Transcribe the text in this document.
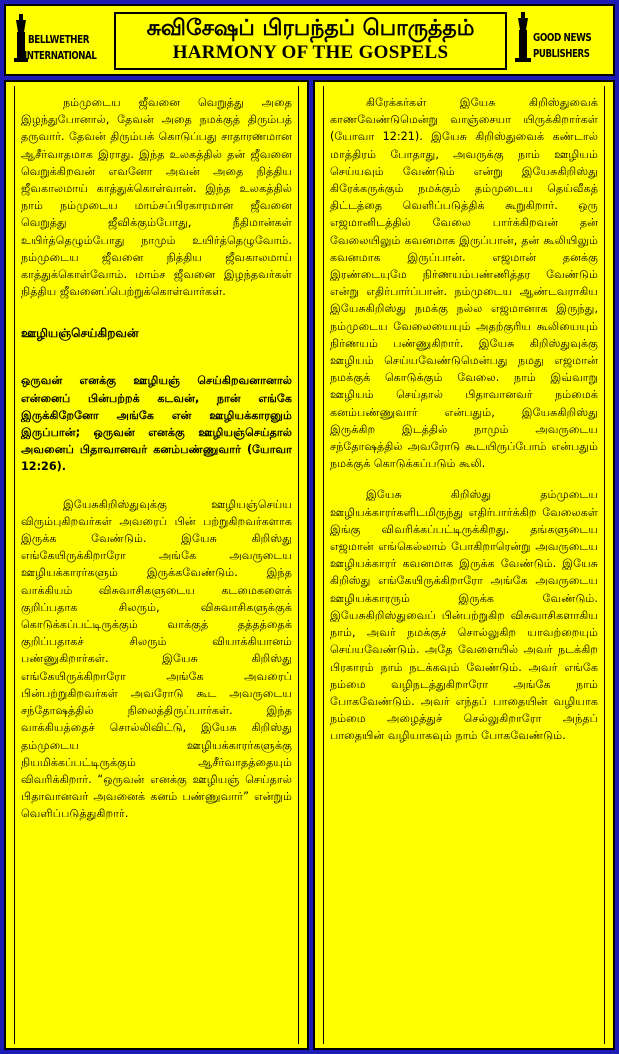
BELLWETHER
INTERNATIONAL
சுவிசேஷப் பிரபந்தப் பொருத்தம்
HARMONY OF THE GOSPELS
GOOD NEWS
PUBLISHERS

நம்முடைய ஜீவனை வெறுத்து அதை இழந்துபோனால், தேவன் அதை நமக்குத் திரும்பத் தருவார். தேவன் திரும்பக் கொடுப்பது சாதாரணமான ஆசீர்வாதமாக இராது. இந்த உலகத்தில் தன் ஜீவனை வெறுக்கிறவன் எவனோ அவன் அதை நித்திய ஜீவகாலமாய் காத்துக்கொள்வான். இந்த உலகத்தில் நாம் நம்முடைய மாம்சப்பிரகாரமான ஜீவனை வெறுத்து ஜீவிக்கும்போது, நீதிமான்கள் உயிர்த்தெழும்போது நாமும் உயிர்த்தெழுவோம். நம்முடைய ஜீவனை நித்திய ஜீவகாலமாய் காத்துக்கொள்வோம். மாம்ச ஜீவனை இழந்தவர்கள் நித்திய ஜீவனைப்பெற்றுக்கொள்வார்கள்.

ஊழியஞ்செய்கிறவன்

ஒருவன் எனக்கு ஊழியஞ் செய்கிறவனானால் என்னைப் பின்பற்றக் கடவன், நான் எங்கே இருக்கிறேனோ அங்கே என் ஊழியக்காரனும் இருப்பான்; ஒருவன் எனக்கு ஊழியஞ்செய்தால் அவனைப் பிதாவானவர் கனம்பண்ணுவார் (யோவா 12:26).

இயேசுகிறிஸ்துவுக்கு ஊழியஞ்செய்ய விரும்புகிறவர்கள் அவரைப் பின் பற்றுகிறவர்களாக இருக்க வேண்டும். இயேசு கிறிஸ்து எங்கேயிருக்கிறாரோ அங்கே அவருடைய ஊழியக்காரர்களும் இருக்கவேண்டும். இந்த வாக்கியம் விசுவாசிகளுடைய கடமைகளைக் குறிப்பதாக சிலரும், விசுவாசிகளுக்குக் கொடுக்கப்பட்டிருக்கும் வாக்குத் தத்தத்தைக் குறிப்பதாகச் சிலரும் வியாக்கியானம் பண்ணுகிறார்கள். இயேசு கிறிஸ்து எங்கேயிருக்கிறாரோ அங்கே அவரைப் பின்பற்றுகிறவர்கள் அவரோடு கூட அவருடைய சந்தோஷத்தில் நிலைத்திருப்பார்கள். இந்த வாக்கியத்தைச் சொல்லிவிட்டு, இயேசு கிறிஸ்து தம்முடைய ஊழியக்காரர்களுக்கு நியமிக்கப்பட்டிருக்கும் ஆசீர்வாதத்தையும் விவரிக்கிறார். “ஒருவன் எனக்கு ஊழியஞ் செய்தால் பிதாவானவர் அவனைக் கனம் பண்ணுவார்” என்றும் வெளிப்படுத்துகிறார்.

கிரேக்கர்கள் இயேசு கிறிஸ்துவைக் காணவேண்டுமென்று வாஞ்சையா யிருக்கிறார்கள் (யோவா 12:21). இயேசு கிறிஸ்துவைக் கண்டால் மாத்திரம் போதாது, அவருக்கு நாம் ஊழியம் செய்யவும் வேண்டும் என்று இயேசுகிறிஸ்து கிரேக்கருக்கும் நமக்கும் தம்முடைய தெய்வீகத் திட்டத்தை வெளிப்படுத்திக் கூறுகிறார். ஒரு எஜமானிடத்தில் வேலை பார்க்கிறவன் தன் வேலையிலும் கவனமாக இருப்பான், தன் கூலியிலும் கவனமாக இருப்பான். எஜமான் தனக்கு இரண்டையுமே நிர்ணயம்பண்ணித்தர வேண்டும் என்று எதிர்பார்ப்பான். நம்முடைய ஆண்டவராகிய இயேசுகிறிஸ்து நமக்கு நல்ல எஜமானாக இருந்து, நம்முடைய வேலையையும் அதற்குரிய கூலியையும் நிர்ணயம் பண்ணுகிறார். இயேசு கிறிஸ்துவுக்கு ஊழியம் செய்யவேண்டுமென்பது நமது எஜமான் நமக்குக் கொடுக்கும் வேலை. நாம் இவ்வாறு ஊழியம் செய்தால் பிதாவானவர் நம்மைக் கனம்பண்ணுவார் என்பதும், இயேசுகிறிஸ்து இருக்கிற இடத்தில் நாமும் அவருடைய சந்தோஷத்தில் அவரோடு கூடயிருப்போம் என்பதும் நமக்குக் கொடுக்கப்படும் கூலி.

இயேசு கிறிஸ்து தம்முடைய ஊழியக்காரர்களிடமிருந்து எதிர்பார்க்கிற வேலைகள் இங்கு விவரிக்கப்பட்டிருக்கிறது. தங்களுடைய எஜமான் எங்கெல்லாம் போகிறாரென்று அவருடைய ஊழியக்காரர் கவனமாக இருக்க வேண்டும். இயேசு கிறிஸ்து எங்கேயிருக்கிறாரோ அங்கே அவருடைய ஊழியக்காரரும் இருக்க வேண்டும். இயேசுகிறிஸ்துவைப் பின்பற்றுகிற விசுவாசிகளாகிய நாம், அவர் நமக்குச் சொல்லுகிற யாவற்றையும் செய்யவேண்டும். அதே வேளையில் அவர் நடக்கிற பிரகாரம் நாம் நடக்கவும் வேண்டும். அவர் எங்கே நம்மை வழிநடத்துகிறாரோ அங்கே நாம் போகவேண்டும். அவர் எந்தப் பாதையின் வழியாக நம்மை அழைத்துச் செல்லுகிறாரோ அந்தப் பாதையின் வழியாகவும் நாம் போகவேண்டும்.
